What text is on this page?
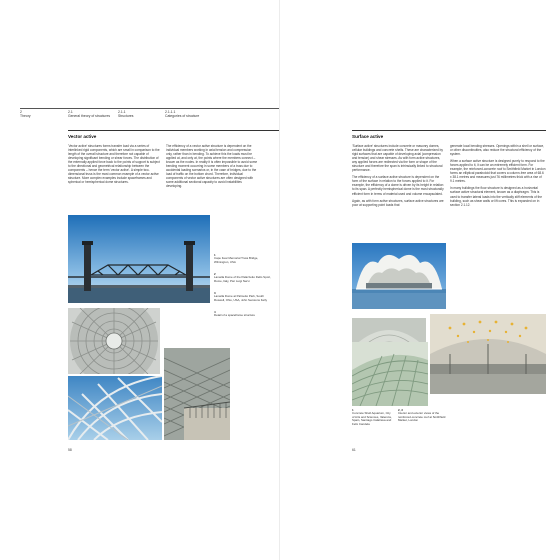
2
Theory
2.1
General theory of structures
2.1.1
Structures
2.1.1.1
Categories of structure
Vector active

'Vector active' structures forms transfer load via a series of interlinked rigid components, which are small in comparison to the length of the overall structure and therefore not capable of developing significant bending or shear forces. The distribution of the externally applied force back to the points of support is subject to the directional and geometrical relationship between the components – hence the term 'vector active'. A simple two-dimensional truss is the most common example of a vector active structure. More complex examples include spaceframes and spherical or hemispherical dome structures.

The efficiency of a vector active structure is dependent on the individual members working in axial tension and compression only, rather than in bending. To achieve this the loads must be applied at, and only at, the points where the members connect – known as the nodes. In reality it is often impossible to avoid some bending moment occurring in some members of a truss due to accidental loading scenarios or, in the case of bridges, due to the load of traffic on the bottom chord. Therefore, individual components of vector active structures are often designed with some additional sectional capacity to avoid instabilities developing.

1
Cape Fear Memorial Truss Bridge, Wilmington, USA
2
Lamella Dome of the Palazzetto Dello Sport, Rome, Italy, Pier Luigi Nervi
3
Lamella Dome at Palmetto Park, South Roxwell, Ohio, USA, John Sensions Kelly
4
Detail of a spaceframe structure
58
Surface active

'Surface active' structures include concrete or masonry domes, cellular buildings and concrete shells. These are characterized by rigid surfaces that are capable of developing axial (compression and tension) and shear stresses. As with form active structures, any applied forces are redirected via the form or shape of the structure and therefore the span is intrinsically linked to structural performance.

The efficiency of a surface active structure is dependent on the form of the surface in relation to the forces applied to it. For example, the efficiency of a dome is driven by its height in relation to its span. A perfectly hemispherical dome is the most structurally efficient form in terms of material used and volume encapsulated.

Again, as with form active structures, surface active structures are poor at supporting point loads that

generate local bending stresses. Openings within a shell or surface, or other discontinuities, also reduce the structural efficiency of the system.

When a surface active structure is designed purely to respond to the forces applied to it, it can be an extremely efficient form. For example, the reinforced-concrete roof to Smithfield Market in London forms an elliptical paraboloid that covers a column-free area of 68.6 x 38.1 metres and measures just 76 millimetres thick with a rise of 9.1 metres.

In many buildings the floor structure is designed as a horizontal surface active structural element, known as a diaphragm. This is used to transfer lateral loads into the vertically stiff elements of the building, such as shear walls or lift cores. This is expanded on in section 2.1.12.

1
Concrete Shell Aquarium, City of Arts and Sciences, Valencia, Spain, Santiago Calatrava and Felix Candela
2, 3
Interior and exterior views of the reinforced-concrete roof at Smithfield Market, London
61
